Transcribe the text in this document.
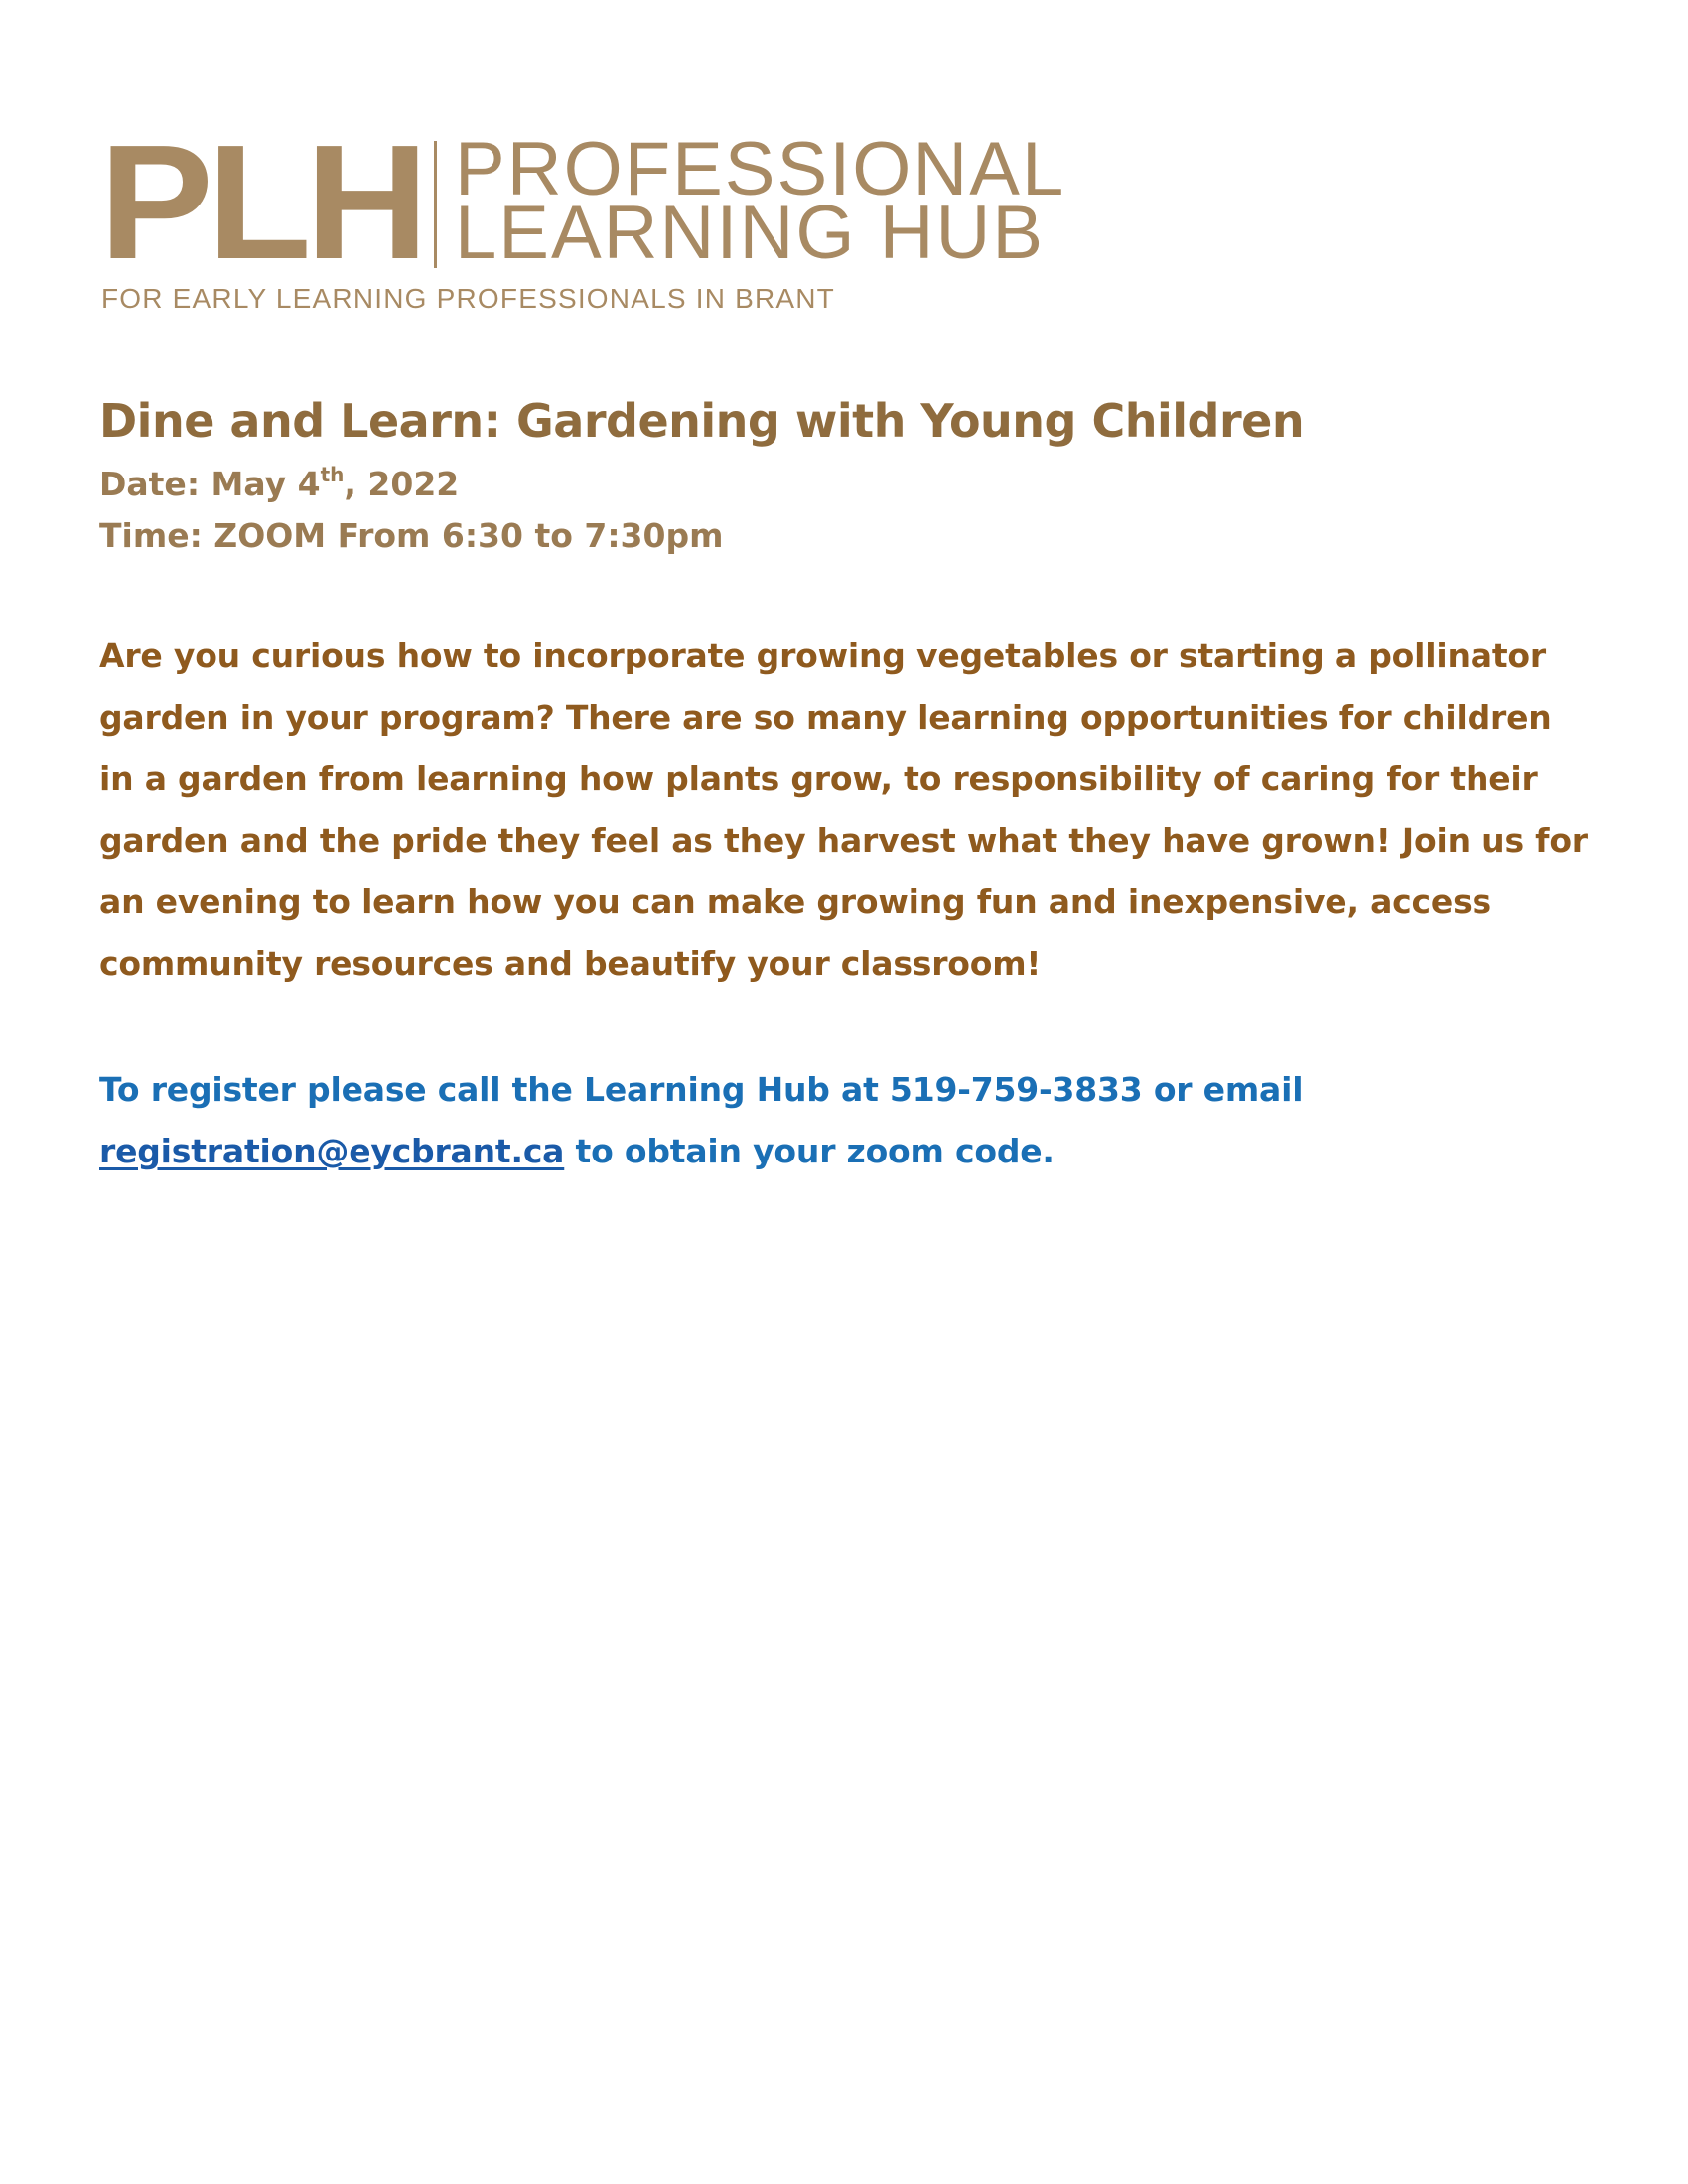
PLH PROFESSIONAL
LEARNING HUB
FOR EARLY LEARNING PROFESSIONALS IN BRANT
Dine and Learn: Gardening with Young Children
Date: May 4th, 2022
Time: ZOOM From 6:30 to 7:30pm
Are you curious how to incorporate growing vegetables or starting a pollinator
garden in your program? There are so many learning opportunities for children
in a garden from learning how plants grow, to responsibility of caring for their
garden and the pride they feel as they harvest what they have grown! Join us for
an evening to learn how you can make growing fun and inexpensive, access
community resources and beautify your classroom!
To register please call the Learning Hub at 519-759-3833 or email
registration@eycbrant.ca to obtain your zoom code.
